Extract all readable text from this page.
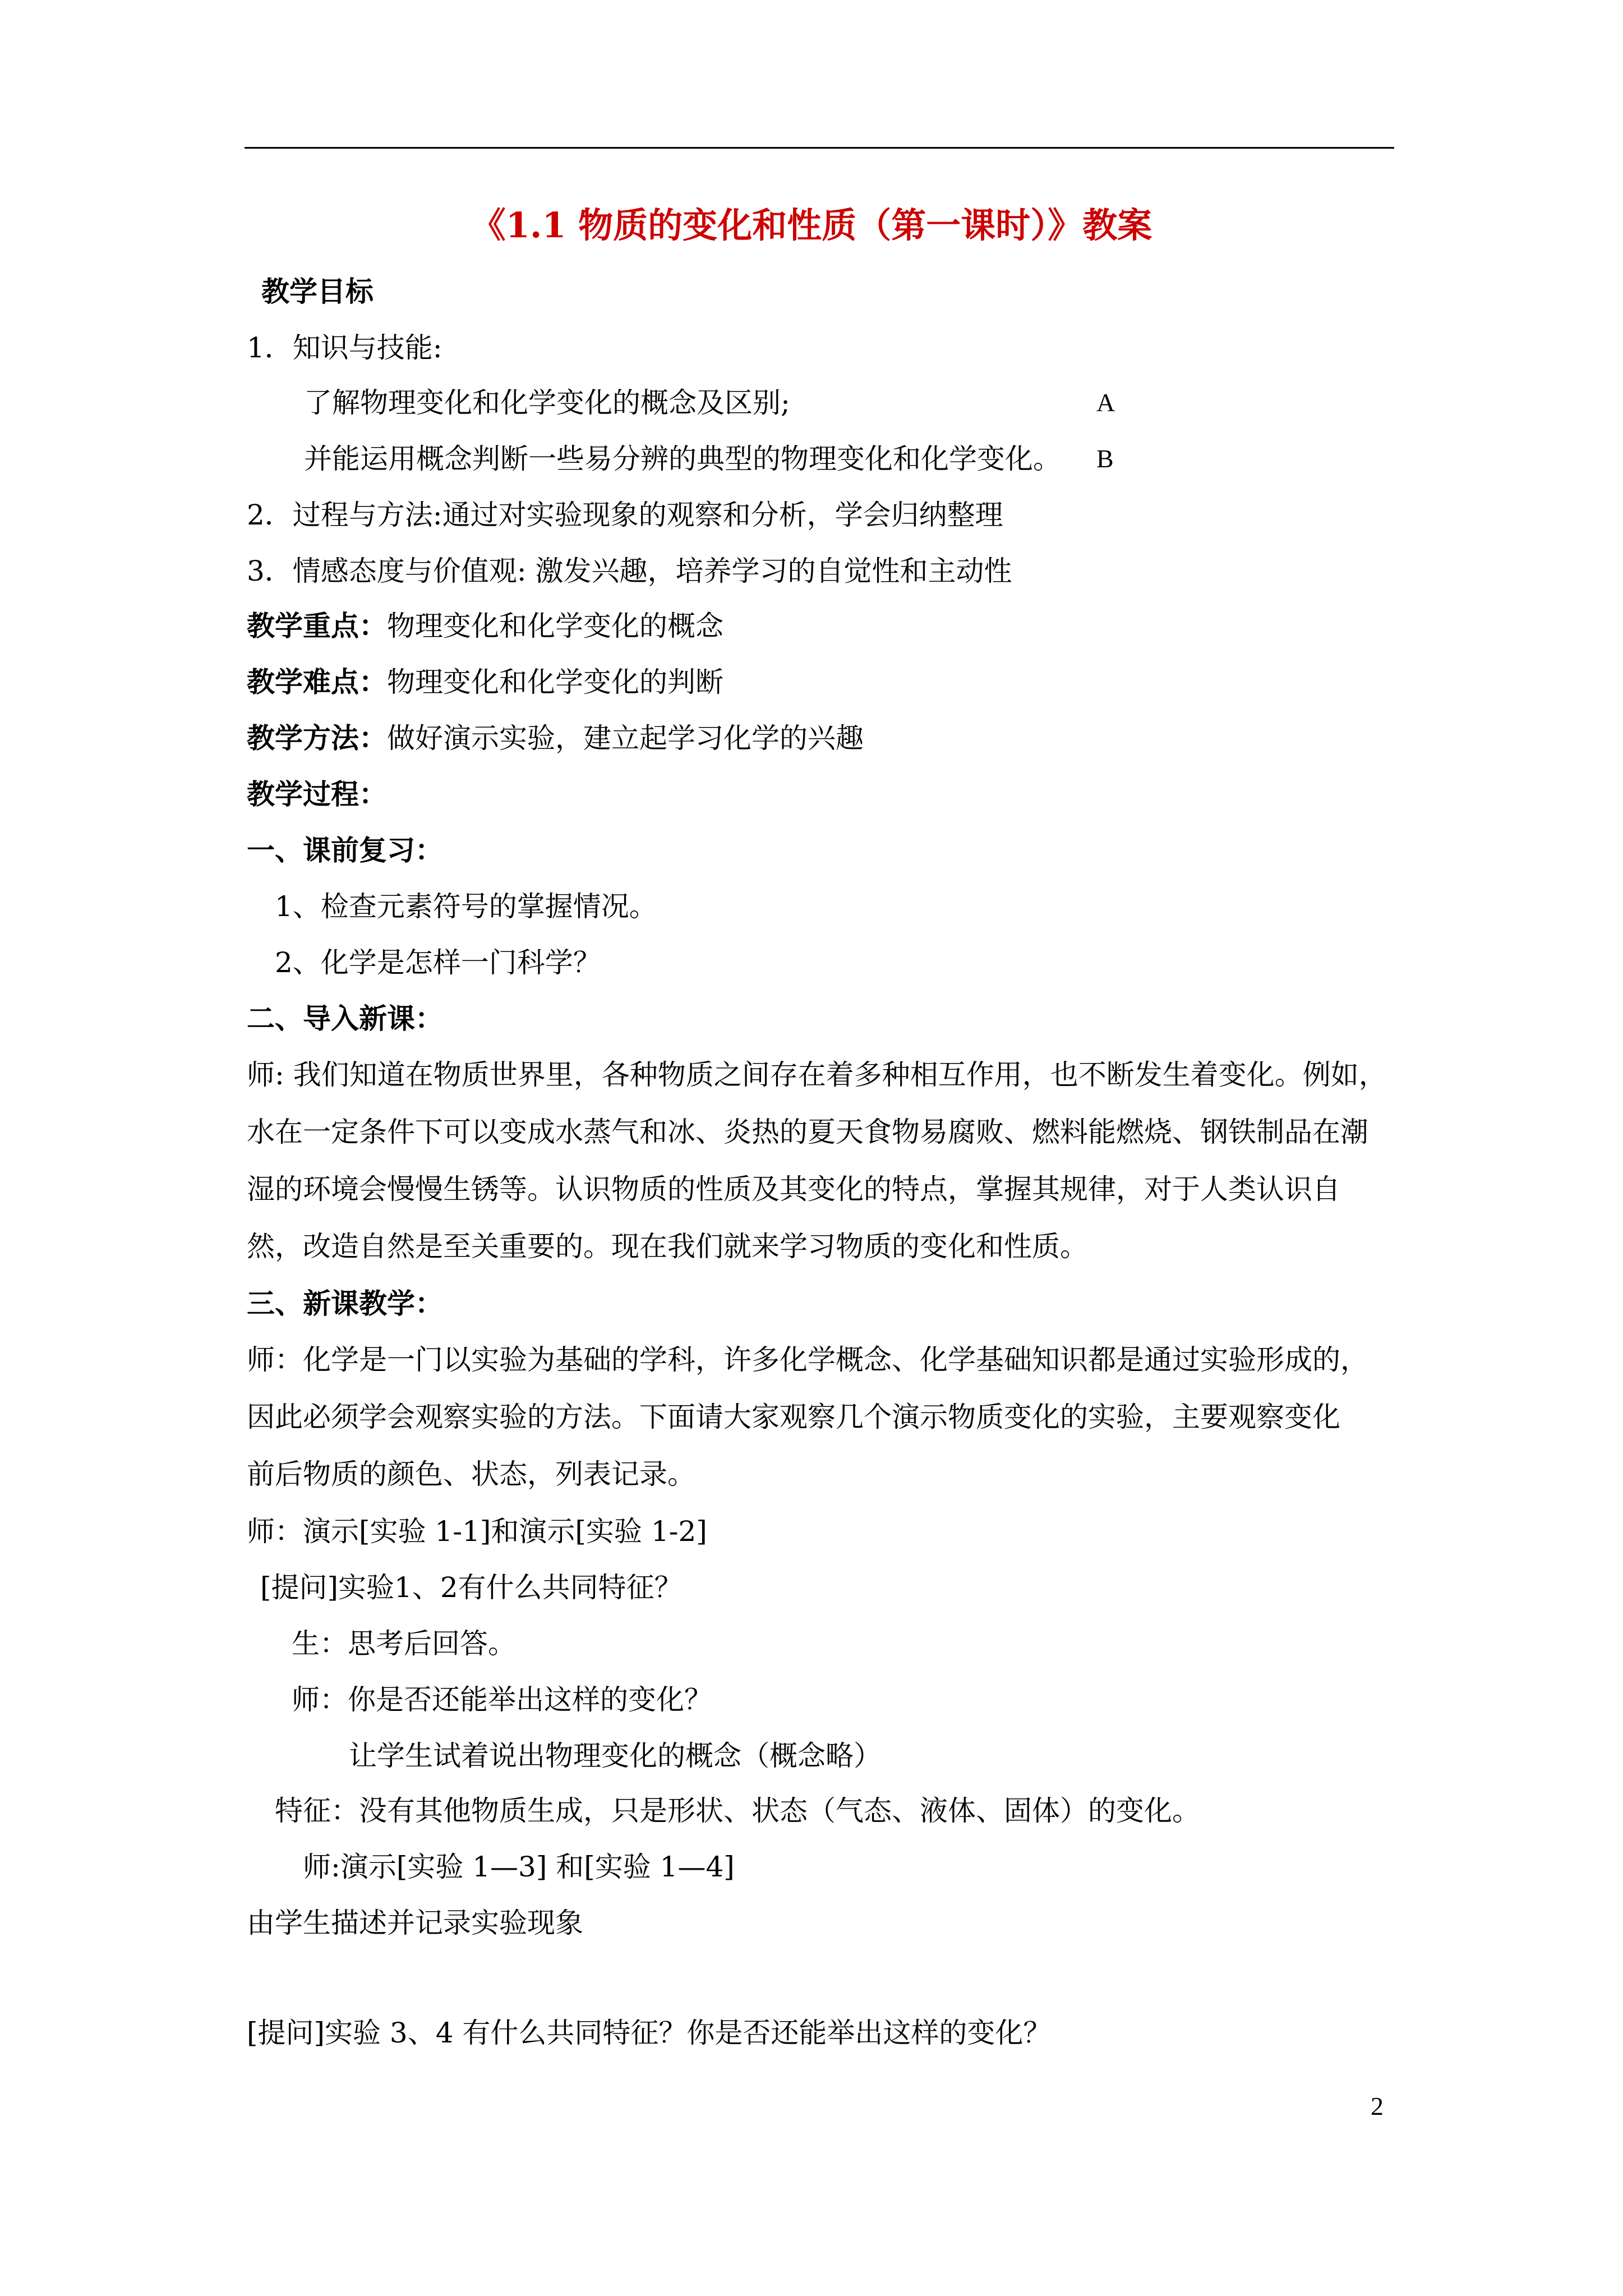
《1.1 物质的变化和性质（第一课时）》教案
教学目标
1．知识与技能:
了解物理变化和化学变化的概念及区别;	A
并能运用概念判断一些易分辨的典型的物理变化和化学变化。 B
2．过程与方法:通过对实验现象的观察和分析，学会归纳整理
3．情感态度与价值观: 激发兴趣，培养学习的自觉性和主动性
教学重点：物理变化和化学变化的概念
教学难点：物理变化和化学变化的判断
教学方法：做好演示实验，建立起学习化学的兴趣
教学过程：
一、课前复习：
1、检查元素符号的掌握情况。
2、化学是怎样一门科学？
二、导入新课：
师: 我们知道在物质世界里，各种物质之间存在着多种相互作用，也不断发生着变化。例如，
水在一定条件下可以变成水蒸气和冰、炎热的夏天食物易腐败、燃料能燃烧、钢铁制品在潮
湿的环境会慢慢生锈等。认识物质的性质及其变化的特点，掌握其规律，对于人类认识自
然，改造自然是至关重要的。现在我们就来学习物质的变化和性质。
三、新课教学：
师：化学是一门以实验为基础的学科，许多化学概念、化学基础知识都是通过实验形成的，
因此必须学会观察实验的方法。下面请大家观察几个演示物质变化的实验，主要观察变化
前后物质的颜色、状态，列表记录。
师：演示[实验 1-1]和演示[实验 1-2]
[提问]实验1、2有什么共同特征？
生：思考后回答。
师：你是否还能举出这样的变化？
让学生试着说出物理变化的概念（概念略）
特征：没有其他物质生成，只是形状、状态（气态、液体、固体）的变化。
师:演示[实验 1—3] 和[实验 1—4]
由学生描述并记录实验现象
[提问]实验 3、4 有什么共同特征？你是否还能举出这样的变化？
2
